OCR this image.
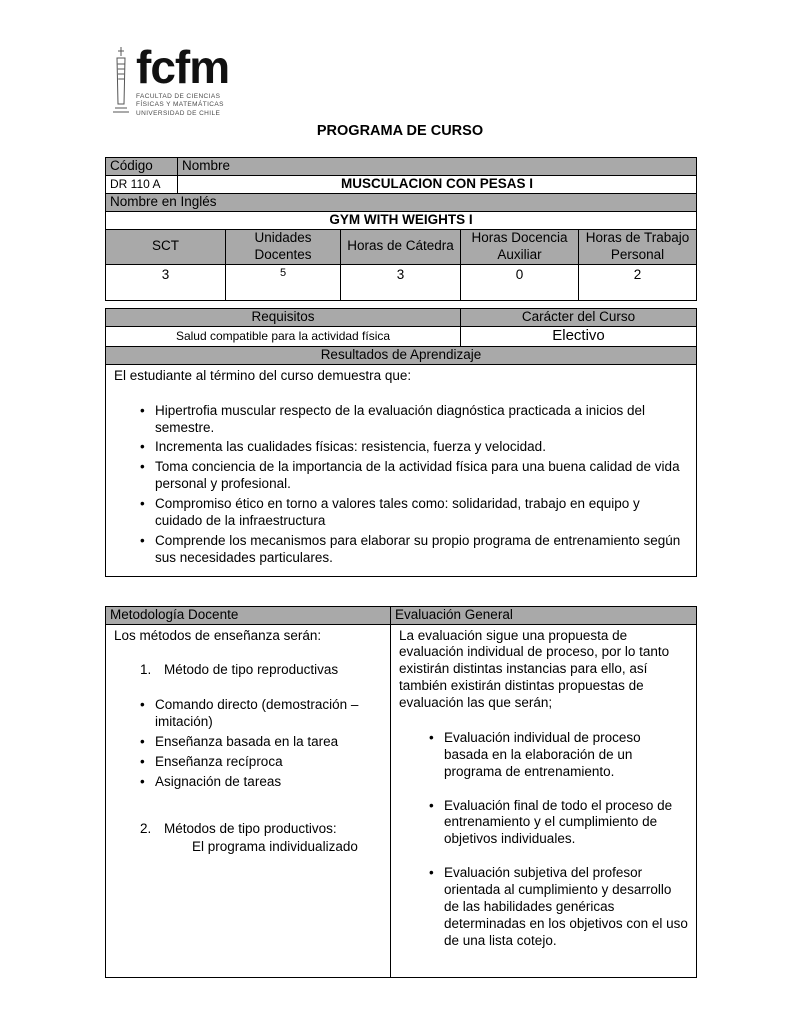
fcfm
FACULTAD DE CIENCIAS
FÍSICAS Y MATEMÁTICAS
UNIVERSIDAD DE CHILE
PROGRAMA DE CURSO
Código	Nombre
DR 110 A	MUSCULACION CON PESAS I
Nombre en Inglés
GYM WITH WEIGHTS I
SCT	Unidades Docentes	Horas de Cátedra	Horas Docencia Auxiliar	Horas de Trabajo Personal
3	5	3	0	2
Requisitos	Carácter del Curso
Salud compatible para la actividad física	Electivo
Resultados de Aprendizaje

El estudiante al término del curso demuestra que:

• Hipertrofia muscular respecto de la evaluación diagnóstica practicada a inicios del semestre.
• Incrementa las cualidades físicas: resistencia, fuerza y velocidad.
• Toma conciencia de la importancia de la actividad física para una buena calidad de vida personal y profesional.
• Compromiso ético en torno a valores tales como: solidaridad, trabajo en equipo y cuidado de la infraestructura
• Comprende los mecanismos para elaborar su propio programa de entrenamiento según sus necesidades particulares.
Metodología Docente	Evaluación General

Los métodos de enseñanza serán:

1. Método de tipo reproductivas
• Comando directo (demostración – imitación)
• Enseñanza basada en la tarea
• Enseñanza recíproca
• Asignación de tareas
2. Métodos de tipo productivos:
El programa individualizado

La evaluación sigue una propuesta de evaluación individual de proceso, por lo tanto existirán distintas instancias para ello, así también existirán distintas propuestas de evaluación las que serán;

• Evaluación individual de proceso basada en la elaboración de un programa de entrenamiento.
• Evaluación final de todo el proceso de entrenamiento y el cumplimiento de objetivos individuales.
• Evaluación subjetiva del profesor orientada al cumplimiento y desarrollo de las habilidades genéricas determinadas en los objetivos con el uso de una lista cotejo.
